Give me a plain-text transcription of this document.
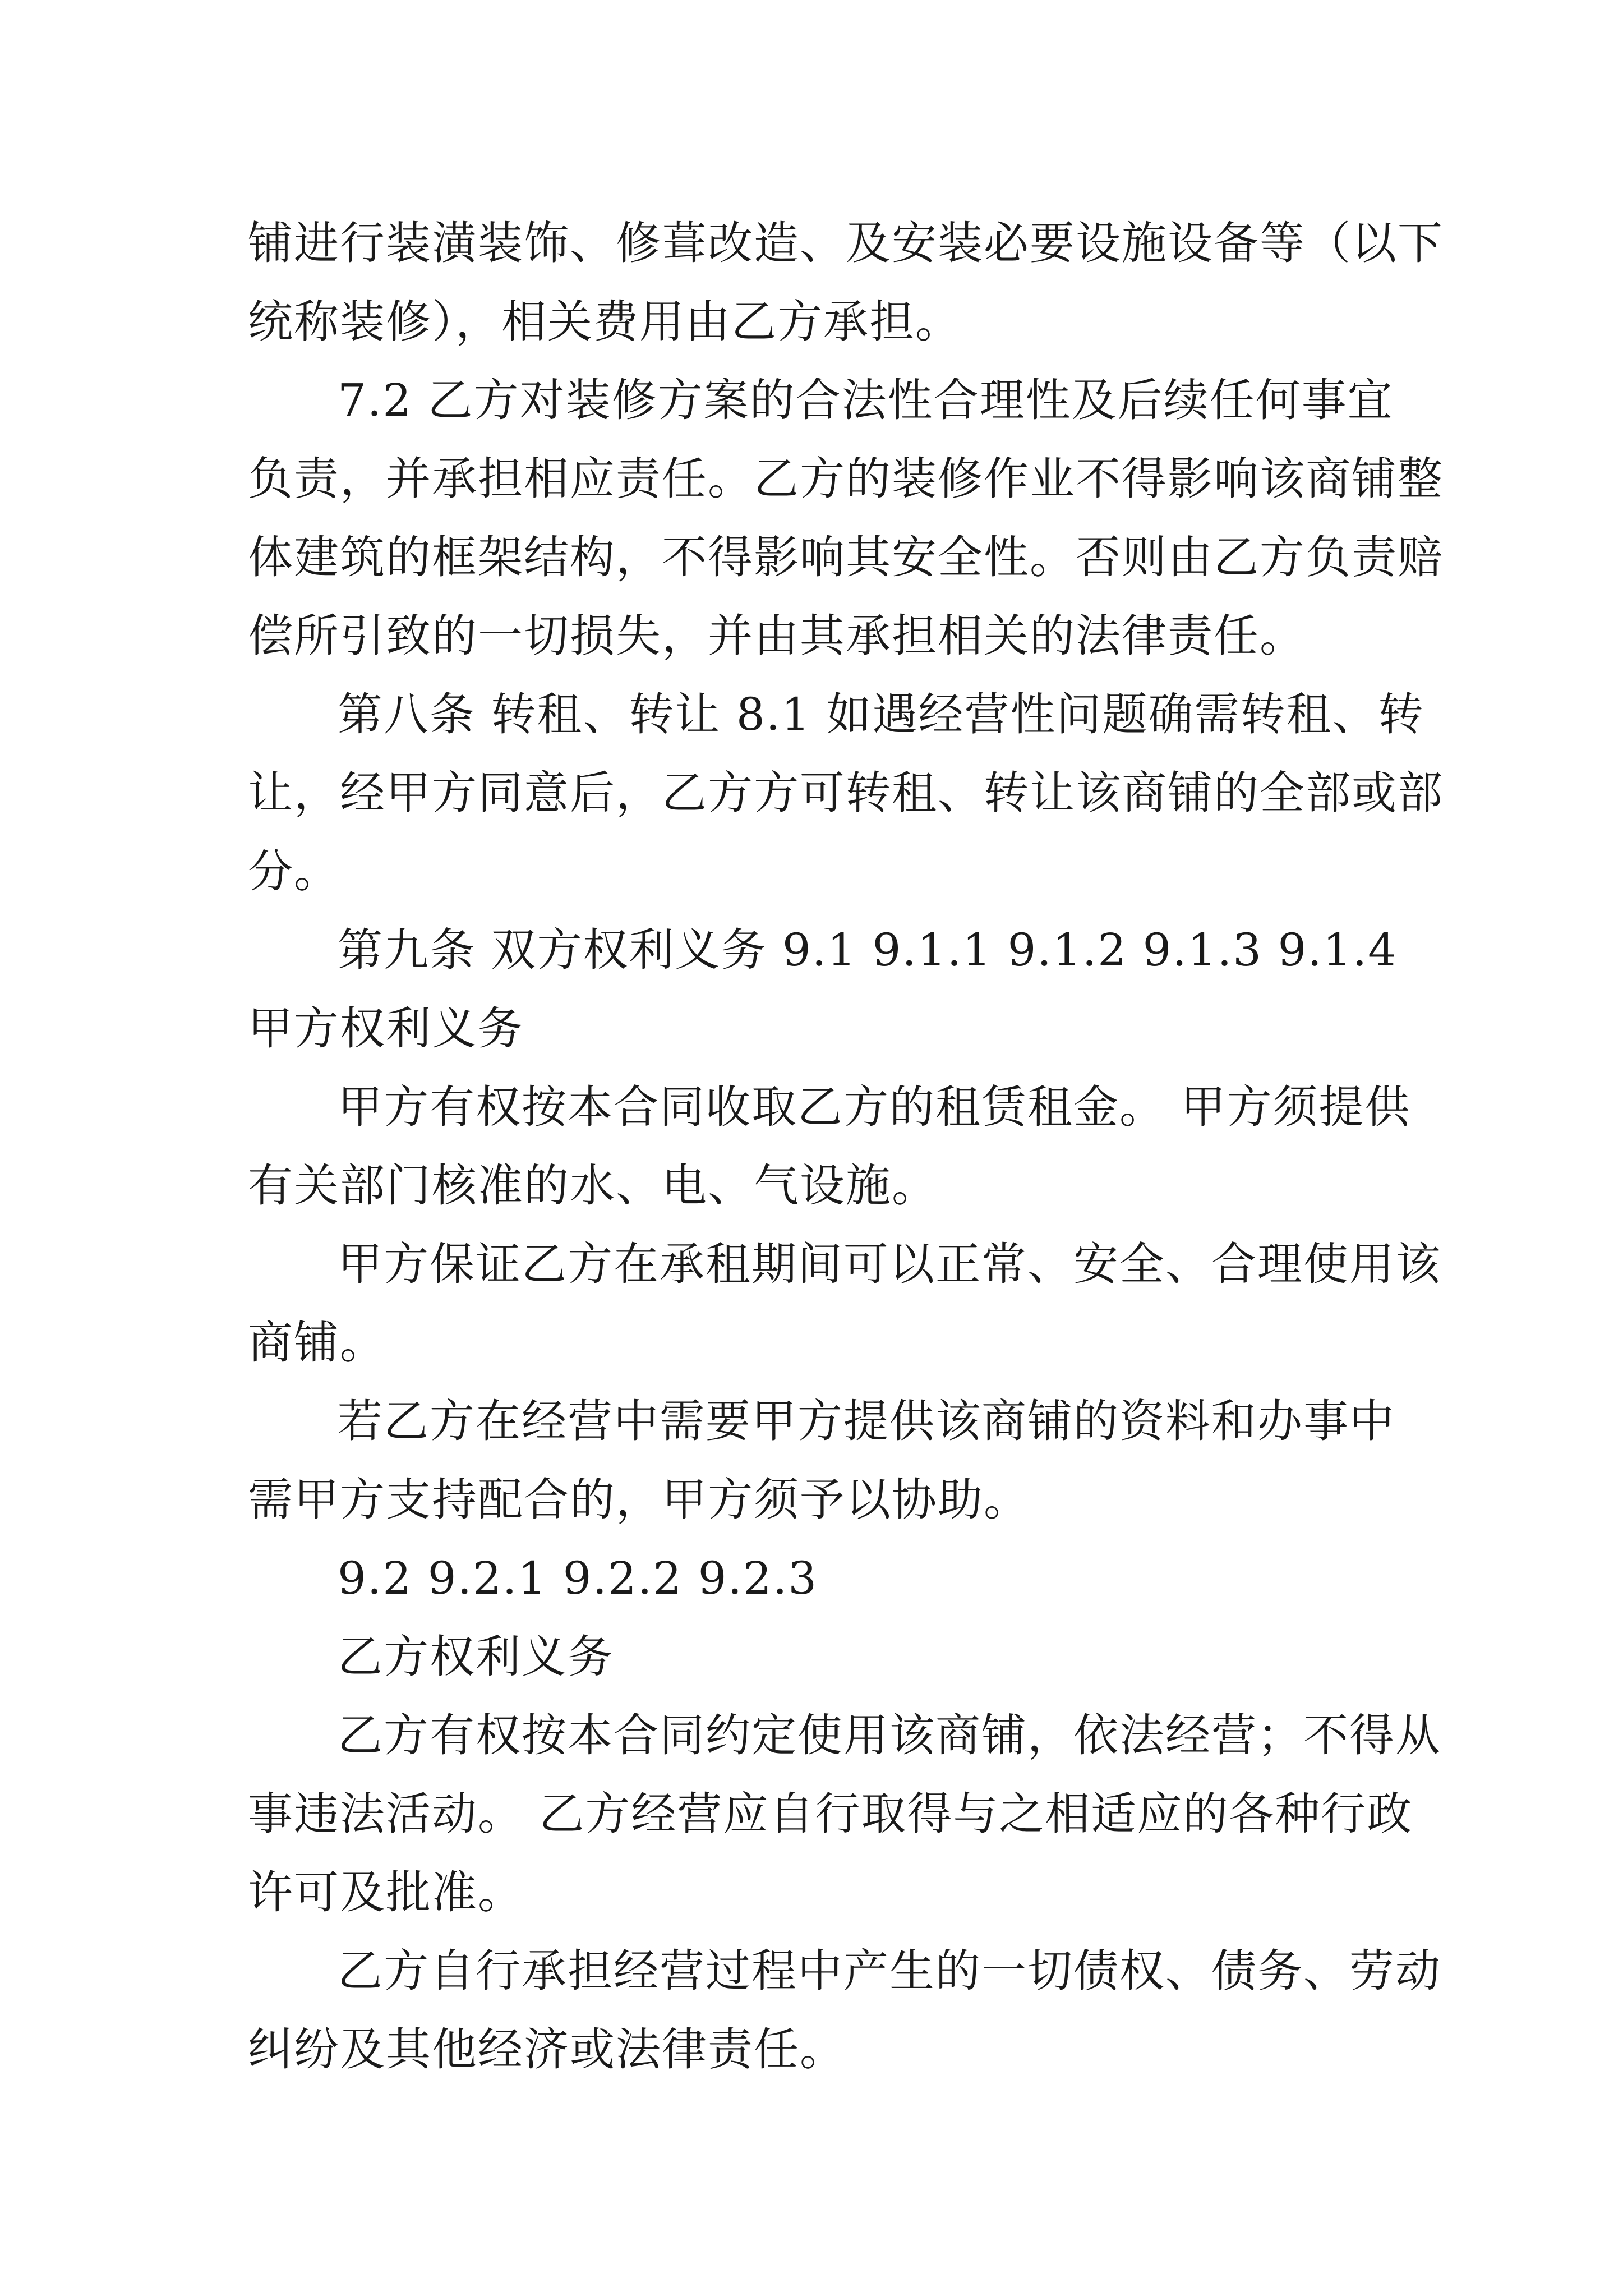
铺进行装潢装饰、修葺改造、及安装必要设施设备等（以下
统称装修），相关费用由乙方承担。
7.2 乙方对装修方案的合法性合理性及后续任何事宜
负责，并承担相应责任。乙方的装修作业不得影响该商铺整
体建筑的框架结构，不得影响其安全性。否则由乙方负责赔
偿所引致的一切损失，并由其承担相关的法律责任。
第八条 转租、转让 8.1 如遇经营性问题确需转租、转
让，经甲方同意后，乙方方可转租、转让该商铺的全部或部
分。
第九条 双方权利义务 9.1 9.1.1 9.1.2 9.1.3 9.1.4
甲方权利义务
甲方有权按本合同收取乙方的租赁租金。 甲方须提供
有关部门核准的水、电、气设施。
甲方保证乙方在承租期间可以正常、安全、合理使用该
商铺。
若乙方在经营中需要甲方提供该商铺的资料和办事中
需甲方支持配合的，甲方须予以协助。
9.2 9.2.1 9.2.2 9.2.3
乙方权利义务
乙方有权按本合同约定使用该商铺，依法经营；不得从
事违法活动。 乙方经营应自行取得与之相适应的各种行政
许可及批准。
乙方自行承担经营过程中产生的一切债权、债务、劳动
纠纷及其他经济或法律责任。
